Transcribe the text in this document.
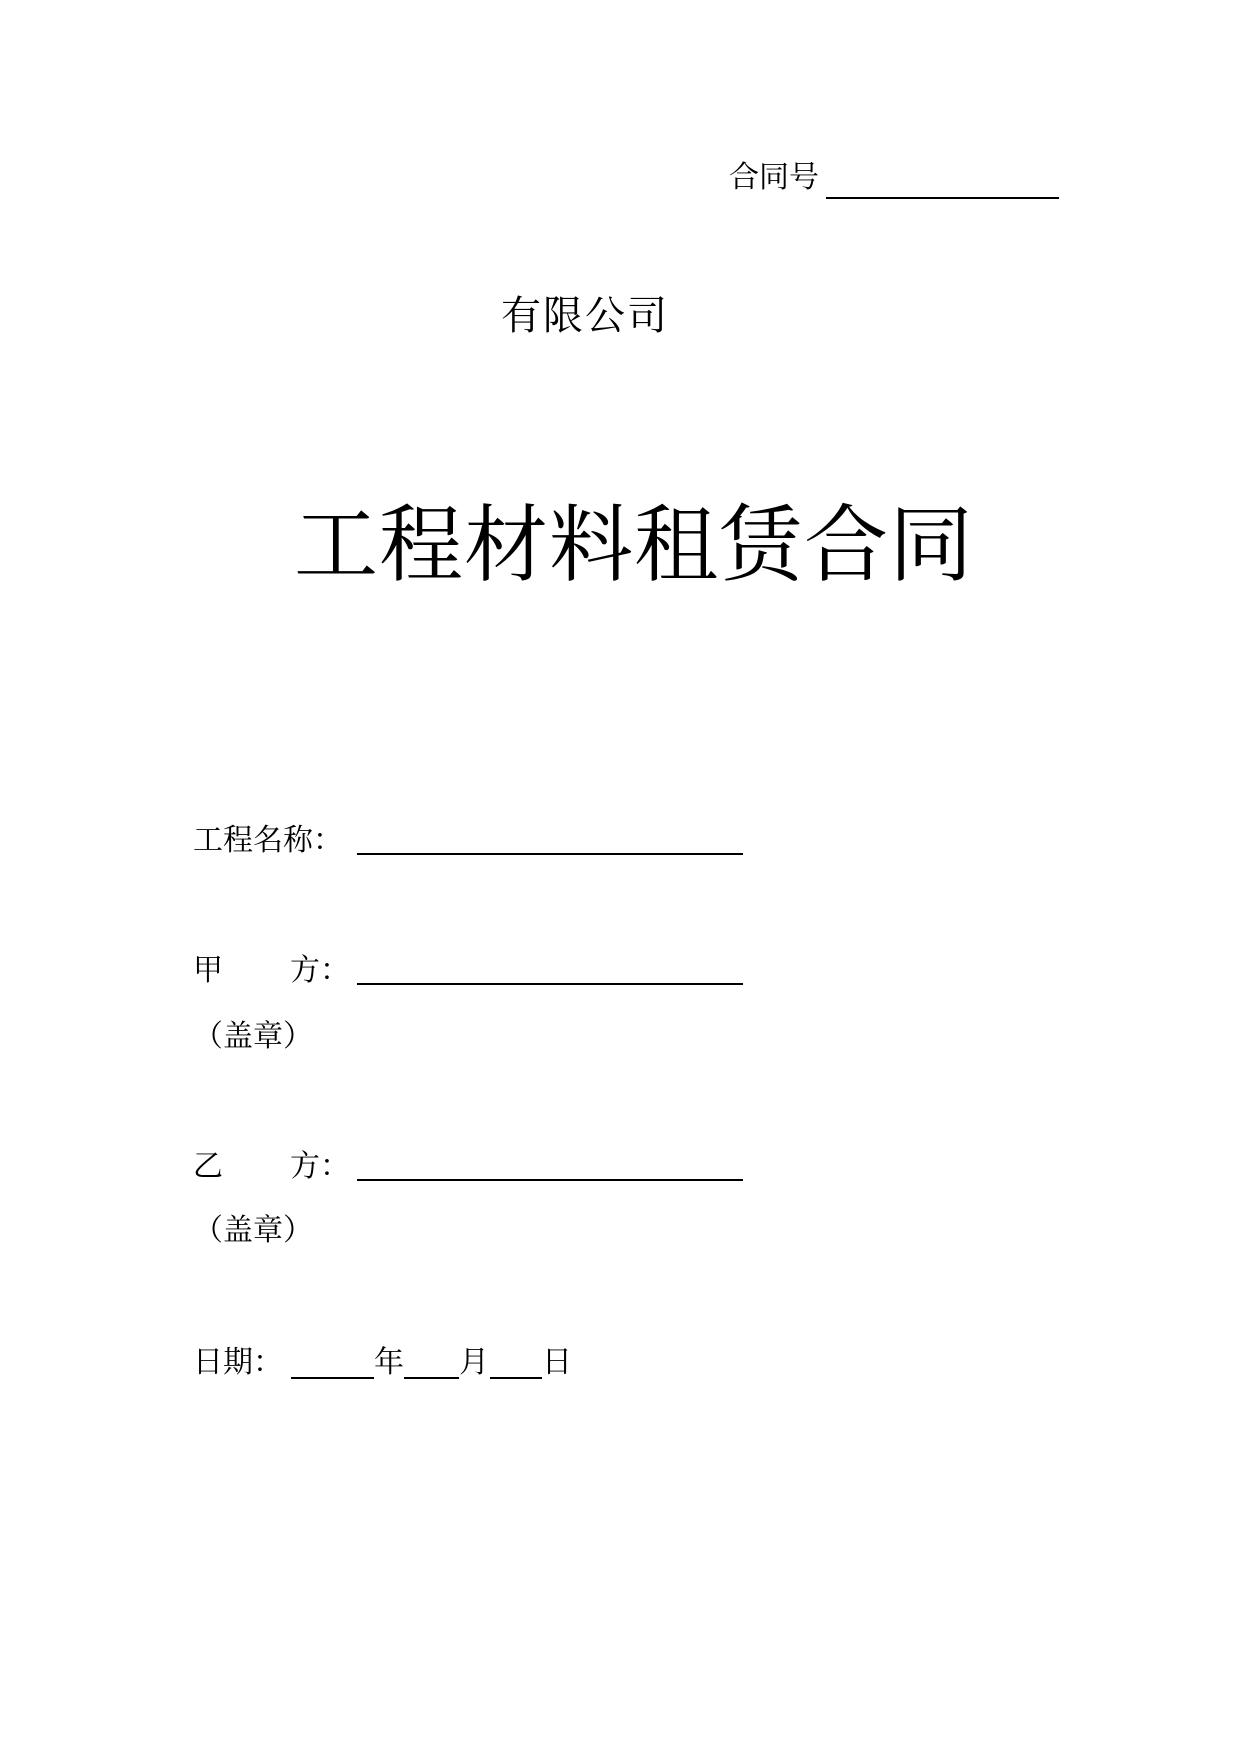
合同号
有限公司
工程材料租赁合同
工程名称：
甲 方：
（盖章）
乙 方：
（盖章）
日期：	年 月 日
